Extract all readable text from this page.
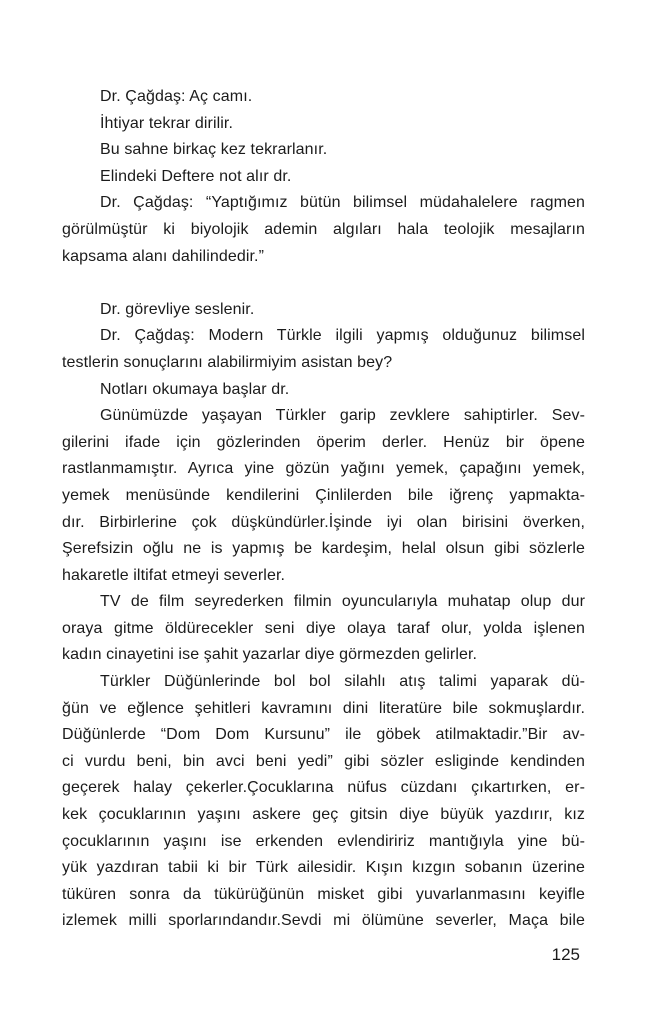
Dr. Çağdaş: Aç camı.
İhtiyar tekrar dirilir.
Bu sahne birkaç kez tekrarlanır.
Elindeki Deftere not alır dr.
Dr. Çağdaş: “Yaptığımız bütün bilimsel müdahalelere ragmen
görülmüştür ki biyolojik ademin algıları hala teolojik mesajların
kapsama alanı dahilindedir.”
Dr. görevliye seslenir.
Dr. Çağdaş: Modern Türkle ilgili yapmış olduğunuz bilimsel
testlerin sonuçlarını alabilirmiyim asistan bey?
Notları okumaya başlar dr.
Günümüzde yaşayan Türkler garip zevklere sahiptirler. Sev-
gilerini ifade için gözlerinden öperim derler. Henüz bir öpene
rastlanmamıştır. Ayrıca yine gözün yağını yemek, çapağını yemek,
yemek menüsünde kendilerini Çinlilerden bile iğrenç yapmakta-
dır. Birbirlerine çok düşkündürler.İşinde iyi olan birisini överken,
Şerefsizin oğlu ne is yapmış be kardeşim, helal olsun gibi sözlerle
hakaretle iltifat etmeyi severler.
TV de film seyrederken filmin oyuncularıyla muhatap olup dur
oraya gitme öldürecekler seni diye olaya taraf olur, yolda işlenen
kadın cinayetini ise şahit yazarlar diye görmezden gelirler.
Türkler Düğünlerinde bol bol silahlı atış talimi yaparak dü-
ğün ve eğlence şehitleri kavramını dini literatüre bile sokmuşlardır.
Düğünlerde “Dom Dom Kursunu” ile göbek atilmaktadir.”Bir av-
ci vurdu beni, bin avci beni yedi” gibi sözler esliginde kendinden
geçerek halay çekerler.Çocuklarına nüfus cüzdanı çıkartırken, er-
kek çocuklarının yaşını askere geç gitsin diye büyük yazdırır, kız
çocuklarının yaşını ise erkenden evlendiririz mantığıyla yine bü-
yük yazdıran tabii ki bir Türk ailesidir. Kışın kızgın sobanın üzerine
tüküren sonra da tükürüğünün misket gibi yuvarlanmasını keyifle
izlemek milli sporlarındandır.Sevdi mi ölümüne severler, Maça bile
125
